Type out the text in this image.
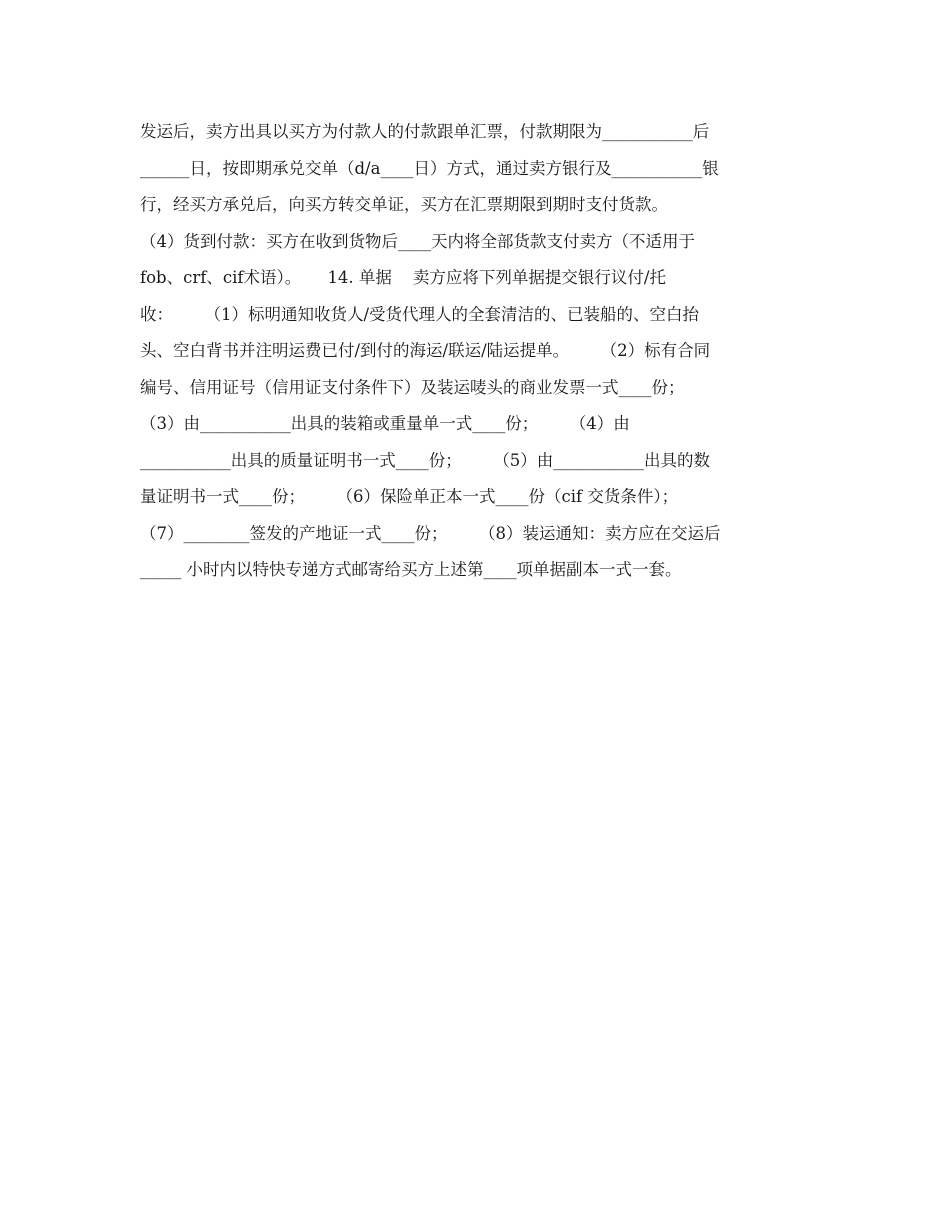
发运后，卖方出具以买方为付款人的付款跟单汇票，付款期限为___________后
______日，按即期承兑交单（d/a____日）方式，通过卖方银行及___________银
行，经买方承兑后，向买方转交单证，买方在汇票期限到期时支付货款。
（4）货到付款：买方在收到货物后____天内将全部货款支付卖方（不适用于
fob、crf、cif术语）。     14. 单据    卖方应将下列单据提交银行议付/托
收：      （1）标明通知收货人/受货代理人的全套清洁的、已装船的、空白抬
头、空白背书并注明运费已付/到付的海运/联运/陆运提单。      （2）标有合同
编号、信用证号（信用证支付条件下）及装运唛头的商业发票一式____份；
（3）由___________出具的装箱或重量单一式____份；      （4）由
___________出具的质量证明书一式____份；      （5）由___________出具的数
量证明书一式____份；      （6）保险单正本一式____份（cif 交货条件）；
（7）________签发的产地证一式____份；      （8）装运通知：卖方应在交运后
_____ 小时内以特快专递方式邮寄给买方上述第____项单据副本一式一套。
